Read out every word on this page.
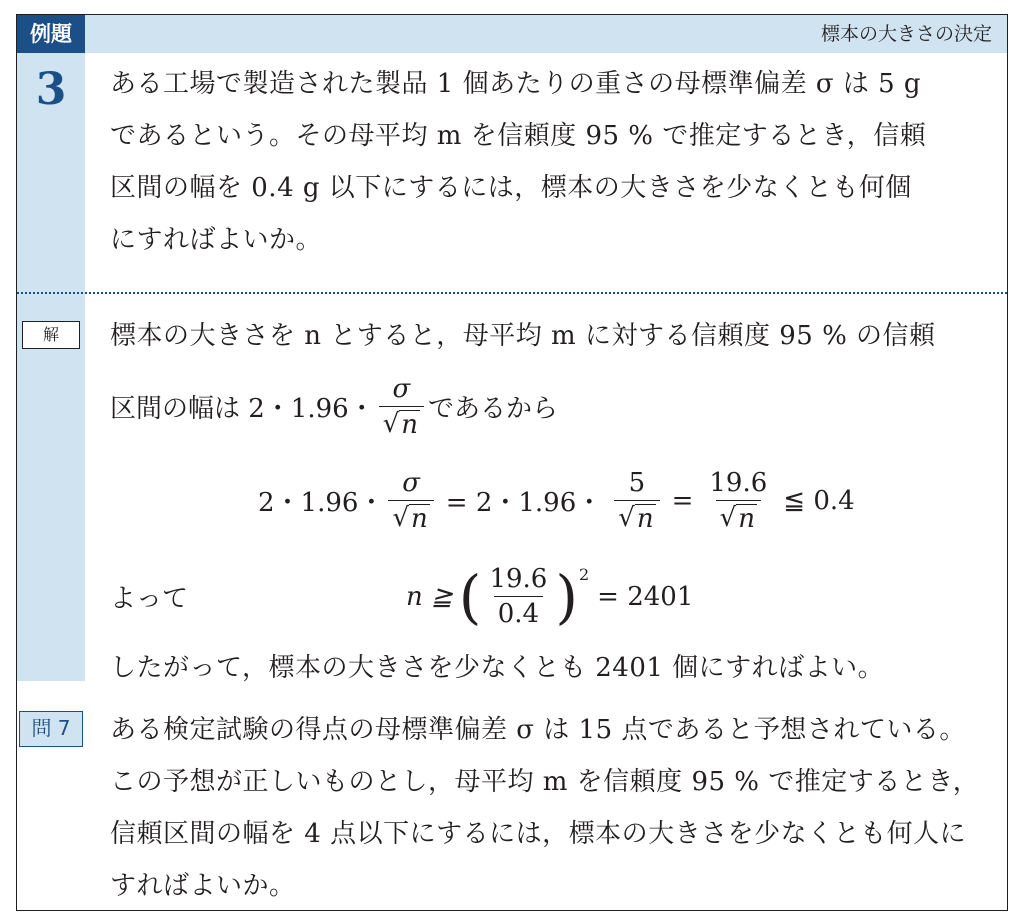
例題	標本の大きさの決定
3	ある工場で製造された製品 1 個あたりの重さの母標準偏差 σ は 5 g
であるという。その母平均 m を信頼度 95 % で推定するとき，信頼
区間の幅を 0.4 g 以下にするには，標本の大きさを少なくとも何個
にすればよいか。
解	標本の大きさを n とすると，母平均 m に対する信頼度 95 % の信頼
区間の幅は 2・1.96・ $\frac{\sigma}{√ n}$ であるから
2・1.96・ $\frac{\sigma}{√ n} = 2$・1.96・ $\frac{5}{√ n} = \frac{19.6}{√ n}$ ≦ 0.4
よって	n ≧ ( $\frac{19.6}{0.4}$ ) 2
= 2401
したがって，標本の大きさを少なくとも 2401 個にすればよい。
問 7	ある検定試験の得点の母標準偏差 σ は 15 点であると予想されている。
この予想が正しいものとし，母平均 m を信頼度 95 % で推定するとき，
信頼区間の幅を 4 点以下にするには，標本の大きさを少なくとも何人に
すればよいか。
